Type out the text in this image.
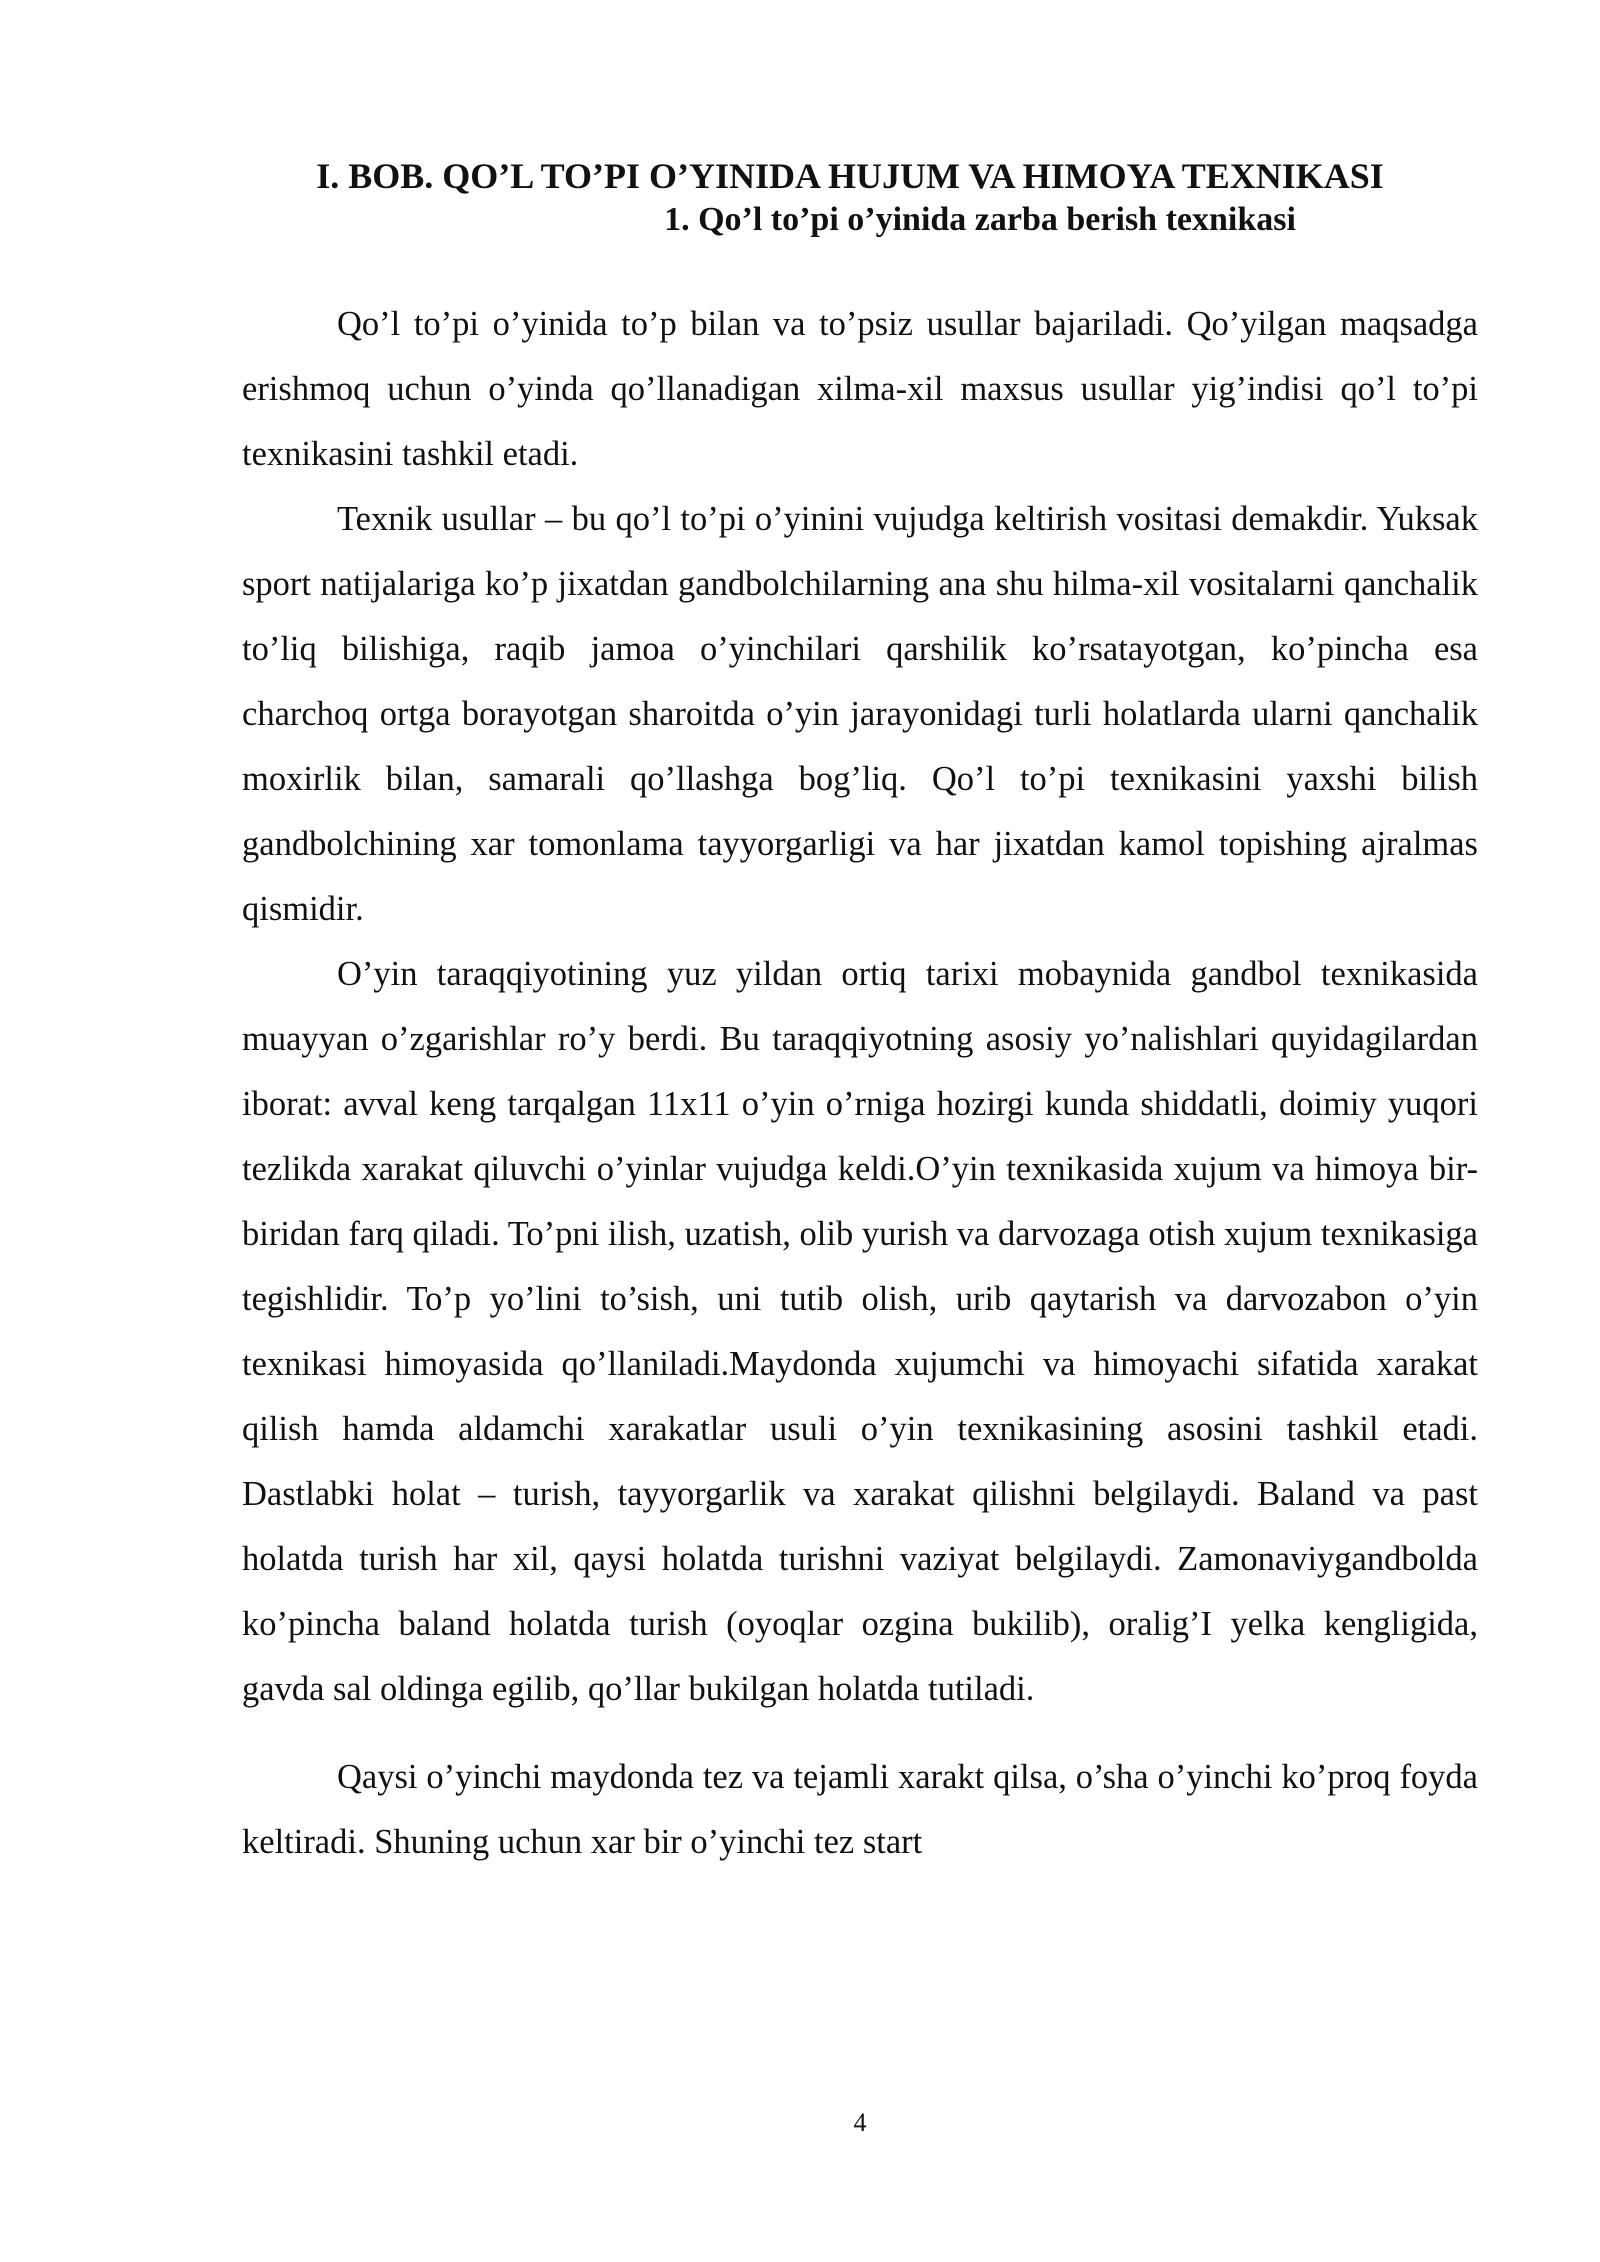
I. BOB. QO’L TO’PI O’YINIDA HUJUM VA HIMOYA TEXNIKASI
1. Qo’l to’pi o’yinida zarba berish texnikasi

Qo’l to’pi o’yinida to’p bilan va to’psiz usullar bajariladi. Qo’yilgan maqsadga erishmoq uchun o’yinda qo’llanadigan xilma-xil maxsus usullar yig’indisi qo’l to’pi texnikasini tashkil etadi.

Texnik usullar – bu qo’l to’pi o’yinini vujudga keltirish vositasi demakdir. Yuksak sport natijalariga ko’p jixatdan gandbolchilarning ana shu hilma-xil vositalarni qanchalik to’liq bilishiga, raqib jamoa o’yinchilari qarshilik ko’rsatayotgan, ko’pincha esa charchoq ortga borayotgan sharoitda o’yin jarayonidagi turli holatlarda ularni qanchalik moxirlik bilan, samarali qo’llashga bog’liq. Qo’l to’pi texnikasini yaxshi bilish gandbolchining xar tomonlama tayyorgarligi va har jixatdan kamol topishing ajralmas qismidir.

O’yin taraqqiyotining yuz yildan ortiq tarixi mobaynida gandbol texnikasida muayyan o’zgarishlar ro’y berdi. Bu taraqqiyotning asosiy yo’nalishlari quyidagilardan iborat: avval keng tarqalgan 11x11 o’yin o’rniga hozirgi kunda shiddatli, doimiy yuqori tezlikda xarakat qiluvchi o’yinlar vujudga keldi.O’yin texnikasida xujum va himoya bir-biridan farq qiladi. To’pni ilish, uzatish, olib yurish va darvozaga otish xujum texnikasiga tegishlidir. To’p yo’lini to’sish, uni tutib olish, urib qaytarish va darvozabon o’yin texnikasi himoyasida qo’llaniladi.Maydonda xujumchi va himoyachi sifatida xarakat qilish hamda aldamchi xarakatlar usuli o’yin texnikasining asosini tashkil etadi. Dastlabki holat – turish, tayyorgarlik va xarakat qilishni belgilaydi. Baland va past holatda turish har xil, qaysi holatda turishni vaziyat belgilaydi. Zamonaviygandbolda ko’pincha baland holatda turish (oyoqlar ozgina bukilib), oralig’I yelka kengligida, gavda sal oldinga egilib, qo’llar bukilgan holatda tutiladi.

Qaysi o’yinchi maydonda tez va tejamli xarakt qilsa, o’sha o’yinchi ko’proq foyda keltiradi. Shuning uchun xar bir o’yinchi tez start

4
